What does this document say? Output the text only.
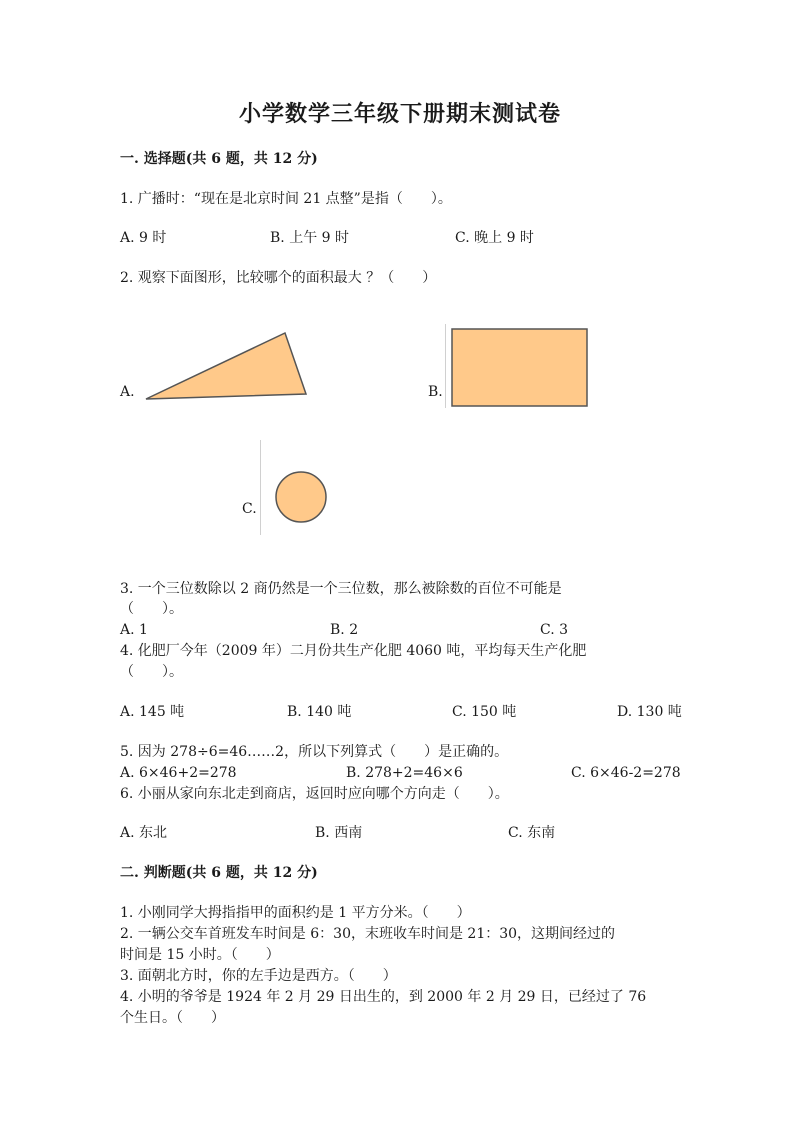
小学数学三年级下册期末测试卷
一. 选择题(共 6 题，共 12 分)
1. 广播时：“现在是北京时间 21 点整”是指（　　）。
A. 9 时	B. 上午 9 时	C. 晚上 9 时
2. 观察下面图形，比较哪个的面积最大 ？（　　）
A.	B.
C.
3. 一个三位数除以 2 商仍然是一个三位数，那么被除数的百位不可能是
（　　）。
A. 1	B. 2	C. 3
4. 化肥厂今年（2009 年）二月份共生产化肥 4060 吨，平均每天生产化肥
（　　）。
A. 145 吨	B. 140 吨	C. 150 吨	D. 130 吨
5. 因为 278÷6=46……2，所以下列算式（　　）是正确的。
A. 6×46+2=278	B. 278+2=46×6	C. 6×46-2=278
6. 小丽从家向东北走到商店，返回时应向哪个方向走（　　）。
A. 东北	B. 西南	C. 东南
二. 判断题(共 6 题，共 12 分)
1. 小刚同学大拇指指甲的面积约是 1 平方分米。（　　）
2. 一辆公交车首班发车时间是 6：30，末班收车时间是 21：30，这期间经过的
时间是 15 小时。（　　）
3. 面朝北方时，你的左手边是西方。（　　）
4. 小明的爷爷是 1924 年 2 月 29 日出生的，到 2000 年 2 月 29 日，已经过了 76
个生日。（　　）
